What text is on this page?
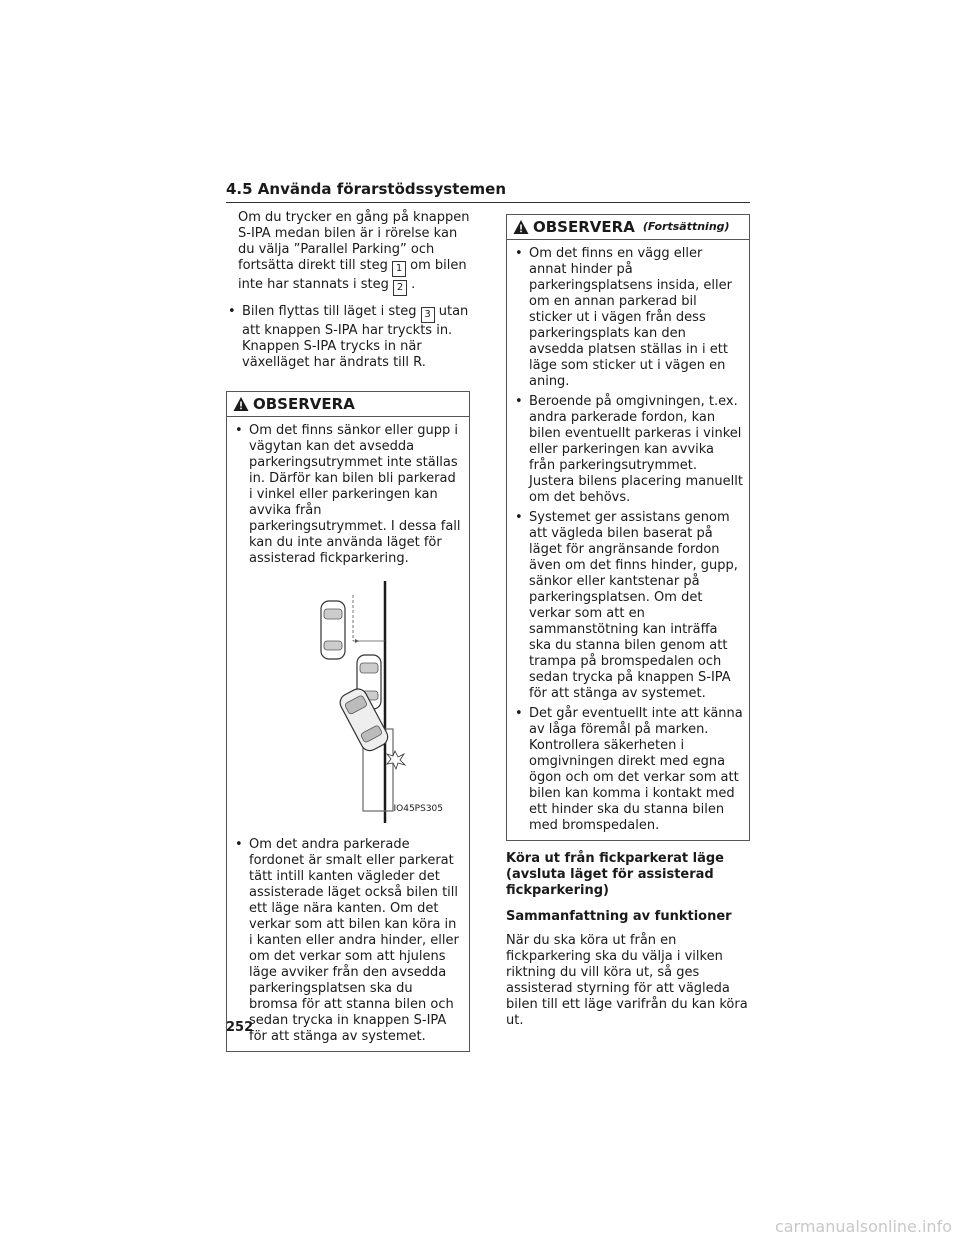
4.5 Använda förarstödssystemen

Om du trycker en gång på knappen S-IPA medan bilen är i rörelse kan du välja ”Parallel Parking” och fortsätta direkt till steg 1 om bilen inte har stannats i steg 2 .

• Bilen flyttas till läget i steg 3 utan att knappen S-IPA har tryckts in. Knappen S-IPA trycks in när växelläget har ändrats till R.
OBSERVERA
• Om det finns sänkor eller gupp i vägytan kan det avsedda parkeringsutrymmet inte ställas in. Därför kan bilen bli parkerad i vinkel eller parkeringen kan avvika från parkeringsutrymmet. I dessa fall kan du inte använda läget för assisterad fickparkering.
IO45PS305
• Om det andra parkerade fordonet är smalt eller parkerat tätt intill kanten vägleder det assisterade läget också bilen till ett läge nära kanten. Om det verkar som att bilen kan köra in i kanten eller andra hinder, eller om det verkar som att hjulens läge avviker från den avsedda parkeringsplatsen ska du bromsa för att stanna bilen och sedan trycka in knappen S-IPA för att stänga av systemet.
OBSERVERA (Fortsättning)
• Om det finns en vägg eller annat hinder på parkeringsplatsens insida, eller om en annan parkerad bil sticker ut i vägen från dess parkeringsplats kan den avsedda platsen ställas in i ett läge som sticker ut i vägen en aning.
• Beroende på omgivningen, t.ex. andra parkerade fordon, kan bilen eventuellt parkeras i vinkel eller parkeringen kan avvika från parkeringsutrymmet. Justera bilens placering manuellt om det behövs.
• Systemet ger assistans genom att vägleda bilen baserat på läget för angränsande fordon även om det finns hinder, gupp, sänkor eller kantstenar på parkeringsplatsen. Om det verkar som att en sammanstötning kan inträffa ska du stanna bilen genom att trampa på bromspedalen och sedan trycka på knappen S-IPA för att stänga av systemet.
• Det går eventuellt inte att känna av låga föremål på marken. Kontrollera säkerheten i omgivningen direkt med egna ögon och om det verkar som att bilen kan komma i kontakt med ett hinder ska du stanna bilen med bromspedalen.

Köra ut från fickparkerat läge (avsluta läget för assisterad fickparkering)

Sammanfattning av funktioner

När du ska köra ut från en fickparkering ska du välja i vilken riktning du vill köra ut, så ges assisterad styrning för att vägleda bilen till ett läge varifrån du kan köra ut.

252
carmanualsonline.info
